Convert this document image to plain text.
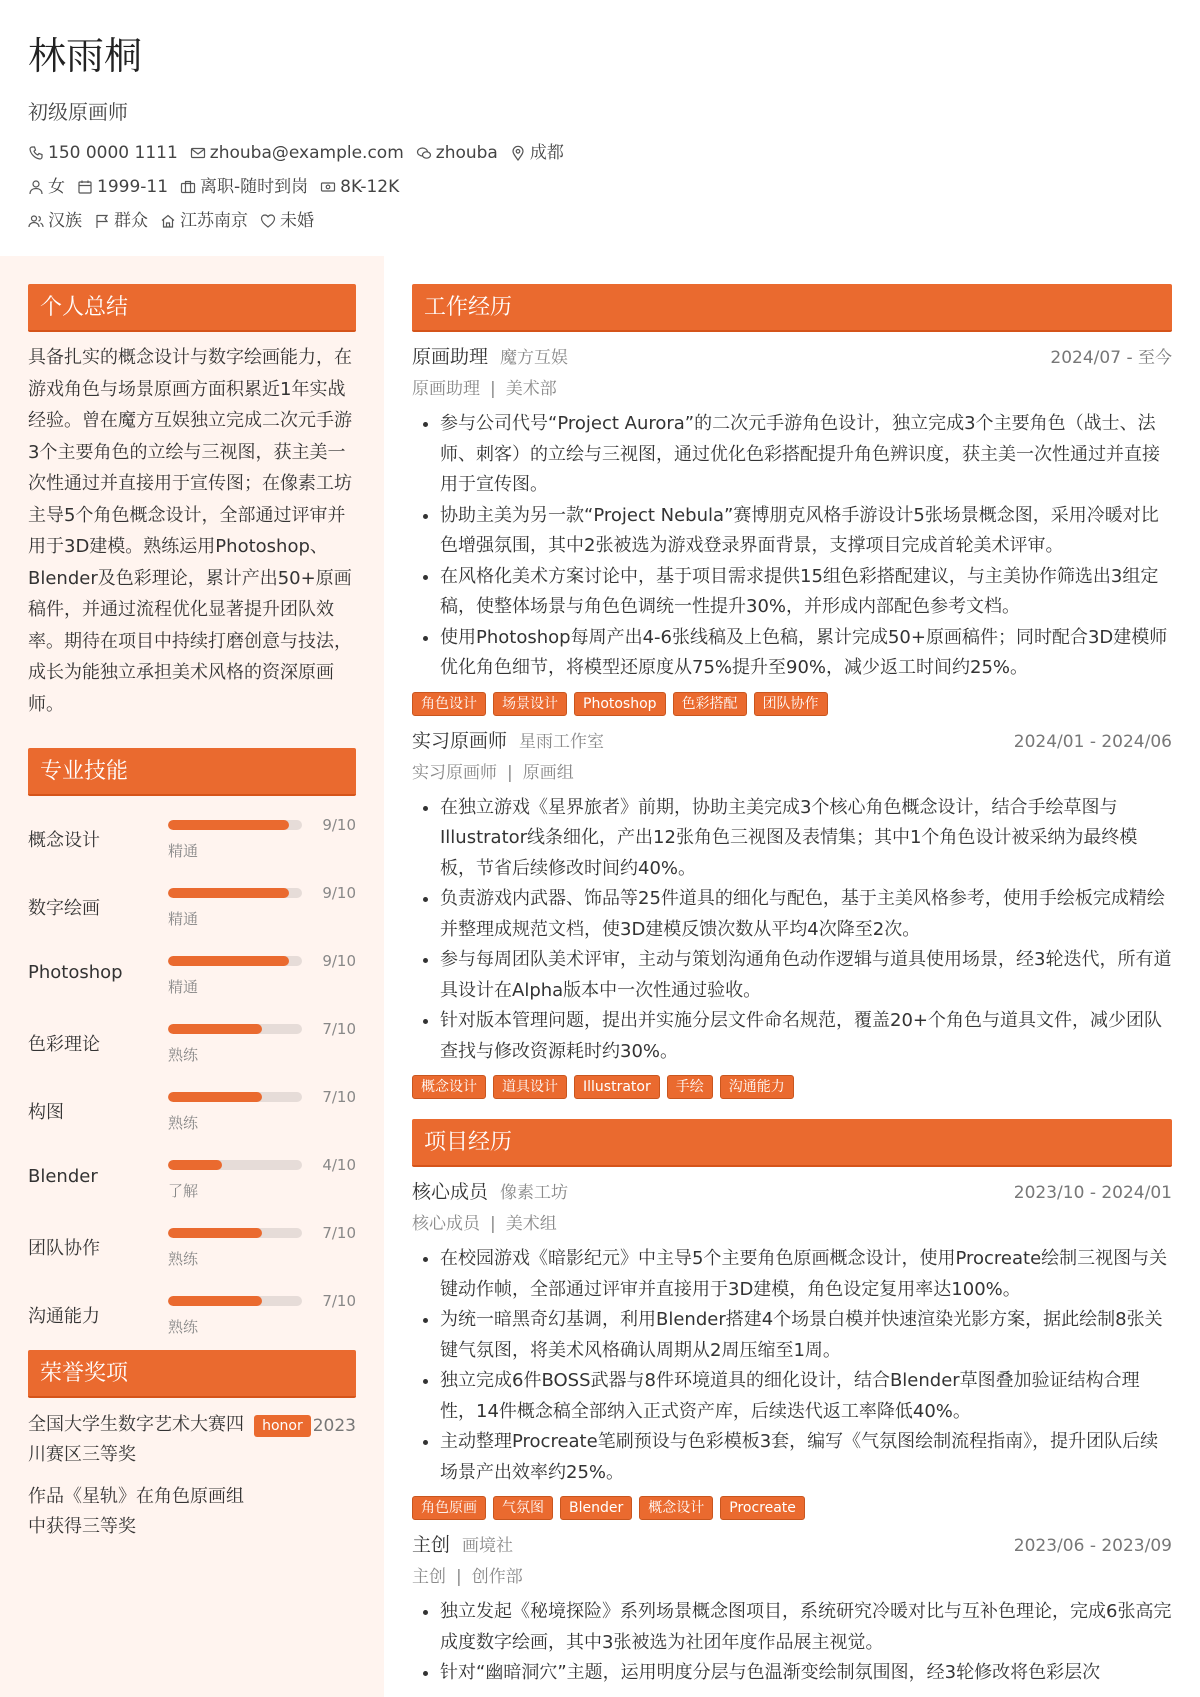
林雨桐
初级原画师
150 0000 1111 zhouba@example.com zhouba 成都
女 1999-11 离职-随时到岗 8K-12K
汉族 群众 江苏南京 未婚
个人总结
具备扎实的概念设计与数字绘画能力，在游戏角色与场景原画方面积累近1年实战经验。曾在魔方互娱独立完成二次元手游3个主要角色的立绘与三视图，获主美一次性通过并直接用于宣传图；在像素工坊主导5个角色概念设计，全部通过评审并用于3D建模。熟练运用Photoshop、Blender及色彩理论，累计产出50+原画稿件，并通过流程优化显著提升团队效率。期待在项目中持续打磨创意与技法，成长为能独立承担美术风格的资深原画师。
专业技能
概念设计
9/10
精通
数字绘画
9/10
精通
Photoshop
9/10
精通
色彩理论
7/10
熟练
构图
7/10
熟练
Blender
4/10
了解
团队协作
7/10
熟练
沟通能力
7/10
熟练
荣誉奖项
全国大学生数字艺术大赛四川赛区三等奖
honor 2023
作品《星轨》在角色原画组中获得三等奖
工作经历
原画助理 魔方互娱	2024/07 - 至今
原画助理 | 美术部
• 参与公司代号“Project Aurora”的二次元手游角色设计，独立完成3个主要角色（战士、法师、刺客）的立绘与三视图，通过优化色彩搭配提升角色辨识度，获主美一次性通过并直接用于宣传图。
• 协助主美为另一款“Project Nebula”赛博朋克风格手游设计5张场景概念图，采用冷暖对比色增强氛围，其中2张被选为游戏登录界面背景，支撑项目完成首轮美术评审。
• 在风格化美术方案讨论中，基于项目需求提供15组色彩搭配建议，与主美协作筛选出3组定稿，使整体场景与角色色调统一性提升30%，并形成内部配色参考文档。
• 使用Photoshop每周产出4-6张线稿及上色稿，累计完成50+原画稿件；同时配合3D建模师优化角色细节，将模型还原度从75%提升至90%，减少返工时间约25%。
角色设计	场景设计	Photoshop	色彩搭配	团队协作
实习原画师 星雨工作室	2024/01 - 2024/06
实习原画师 | 原画组
• 在独立游戏《星界旅者》前期，协助主美完成3个核心角色概念设计，结合手绘草图与Illustrator线条细化，产出12张角色三视图及表情集；其中1个角色设计被采纳为最终模板，节省后续修改时间约40%。
• 负责游戏内武器、饰品等25件道具的细化与配色，基于主美风格参考，使用手绘板完成精绘并整理成规范文档，使3D建模反馈次数从平均4次降至2次。
• 参与每周团队美术评审，主动与策划沟通角色动作逻辑与道具使用场景，经3轮迭代，所有道具设计在Alpha版本中一次性通过验收。
• 针对版本管理问题，提出并实施分层文件命名规范，覆盖20+个角色与道具文件，减少团队查找与修改资源耗时约30%。
概念设计	道具设计	Illustrator	手绘	沟通能力
项目经历
核心成员 像素工坊	2023/10 - 2024/01
核心成员 | 美术组
• 在校园游戏《暗影纪元》中主导5个主要角色原画概念设计，使用Procreate绘制三视图与关键动作帧，全部通过评审并直接用于3D建模，角色设定复用率达100%。
• 为统一暗黑奇幻基调，利用Blender搭建4个场景白模并快速渲染光影方案，据此绘制8张关键气氛图，将美术风格确认周期从2周压缩至1周。
• 独立完成6件BOSS武器与8件环境道具的细化设计，结合Blender草图叠加验证结构合理性，14件概念稿全部纳入正式资产库，后续迭代返工率降低40%。
• 主动整理Procreate笔刷预设与色彩模板3套，编写《气氛图绘制流程指南》，提升团队后续场景产出效率约25%。
角色原画	气氛图	Blender	概念设计	Procreate
主创 画境社	2023/06 - 2023/09
主创 | 创作部
• 独立发起《秘境探险》系列场景概念图项目，系统研究冷暖对比与互补色理论，完成6张高完成度数字绘画，其中3张被选为社团年度作品展主视觉。
• 针对“幽暗洞穴”主题，运用明度分层与色温渐变绘制氛围图，经3轮修改将色彩层次
